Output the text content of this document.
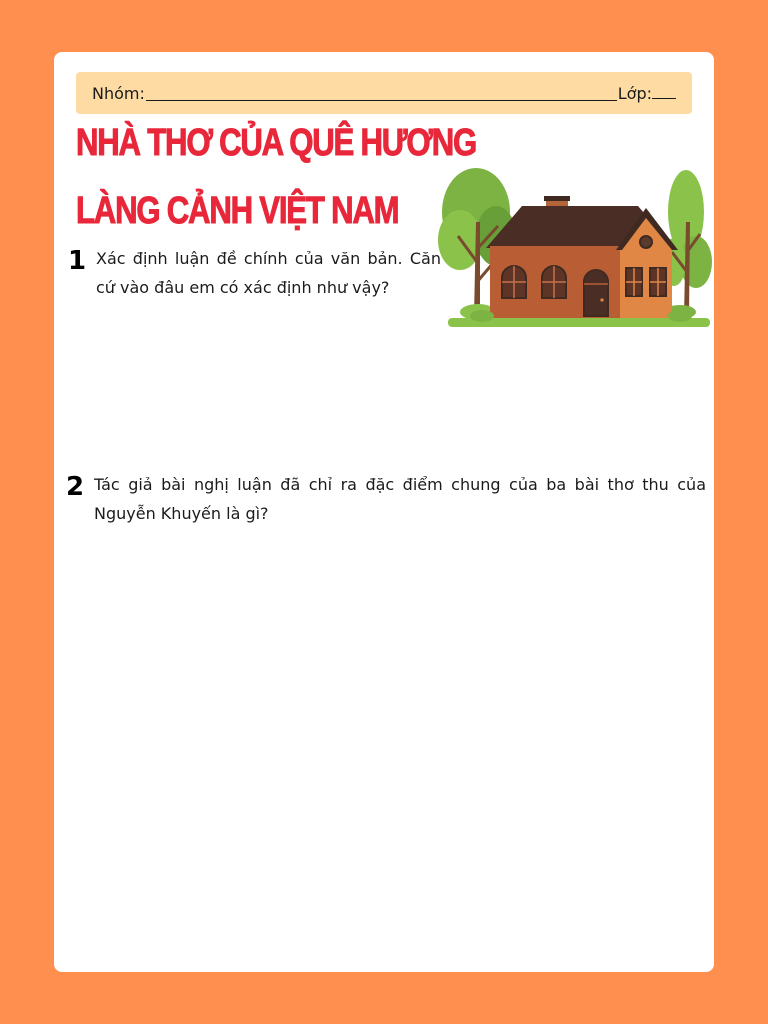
Nhóm:	Lớp:
NHÀ THƠ CỦA QUÊ HƯƠNG
LÀNG CẢNH VIỆT NAM
1 Xác định luận đề chính của văn bản. Căn cứ vào đâu em có xác định như vậy?
2 Tác giả bài nghị luận đã chỉ ra đặc điểm chung của ba bài thơ thu của Nguyễn Khuyến là gì?
